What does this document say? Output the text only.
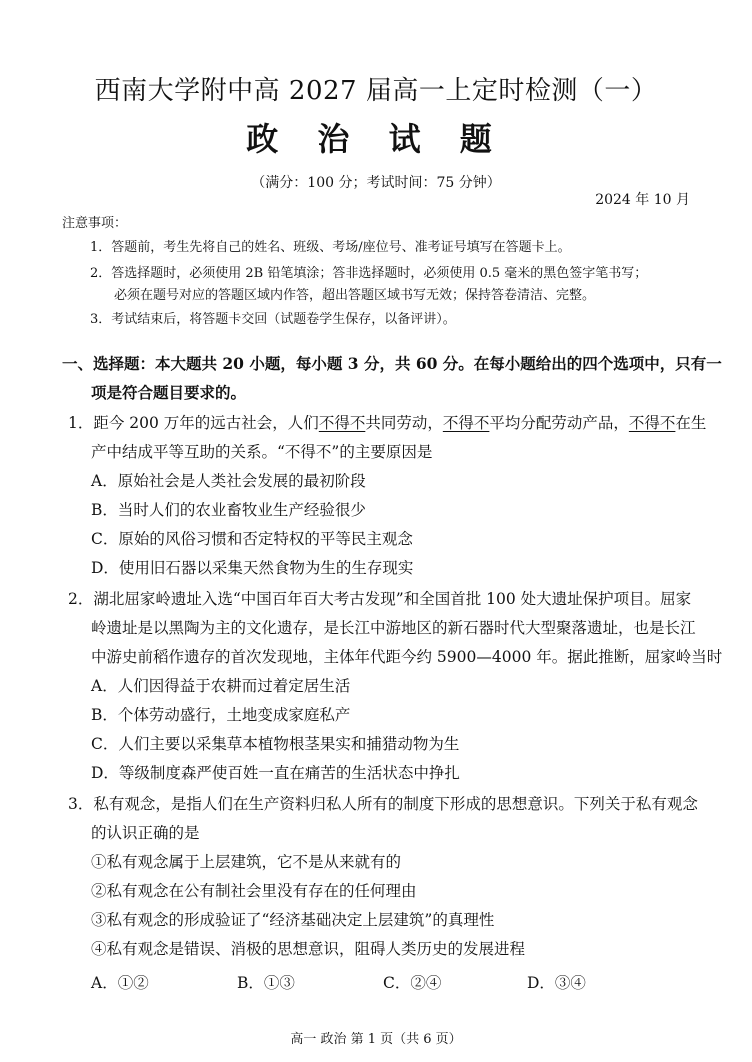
西南大学附中高 2027 届高一上定时检测（一）
政 治 试 题
（满分：100 分；考试时间：75 分钟）
2024 年 10 月
注意事项：
1．答题前，考生先将自己的姓名、班级、考场/座位号、准考证号填写在答题卡上。
2．答选择题时，必须使用 2B 铅笔填涂；答非选择题时，必须使用 0.5 毫米的黑色签字笔书写；
必须在题号对应的答题区域内作答，超出答题区域书写无效；保持答卷清洁、完整。
3．考试结束后，将答题卡交回（试题卷学生保存，以备评讲）。
一、选择题：本大题共 20 小题，每小题 3 分，共 60 分。在每小题给出的四个选项中，只有一
项是符合题目要求的。
1．距今 200 万年的远古社会，人们不得不共同劳动，不得不平均分配劳动产品，不得不在生
产中结成平等互助的关系。“不得不”的主要原因是
A．原始社会是人类社会发展的最初阶段
B．当时人们的农业畜牧业生产经验很少
C．原始的风俗习惯和否定特权的平等民主观念
D．使用旧石器以采集天然食物为生的生存现实
2．湖北屈家岭遗址入选“中国百年百大考古发现”和全国首批 100 处大遗址保护项目。屈家
岭遗址是以黑陶为主的文化遗存，是长江中游地区的新石器时代大型聚落遗址，也是长江
中游史前稻作遗存的首次发现地，主体年代距今约 5900—4000 年。据此推断，屈家岭当时
A．人们因得益于农耕而过着定居生活
B．个体劳动盛行，土地变成家庭私产
C．人们主要以采集草本植物根茎果实和捕猎动物为生
D．等级制度森严使百姓一直在痛苦的生活状态中挣扎
3．私有观念，是指人们在生产资料归私人所有的制度下形成的思想意识。下列关于私有观念
的认识正确的是
①私有观念属于上层建筑，它不是从来就有的
②私有观念在公有制社会里没有存在的任何理由
③私有观念的形成验证了“经济基础决定上层建筑”的真理性
④私有观念是错误、消极的思想意识，阻碍人类历史的发展进程
A．①②	B．①③	C．②④	D．③④
高一 政治 第 1 页（共 6 页）
